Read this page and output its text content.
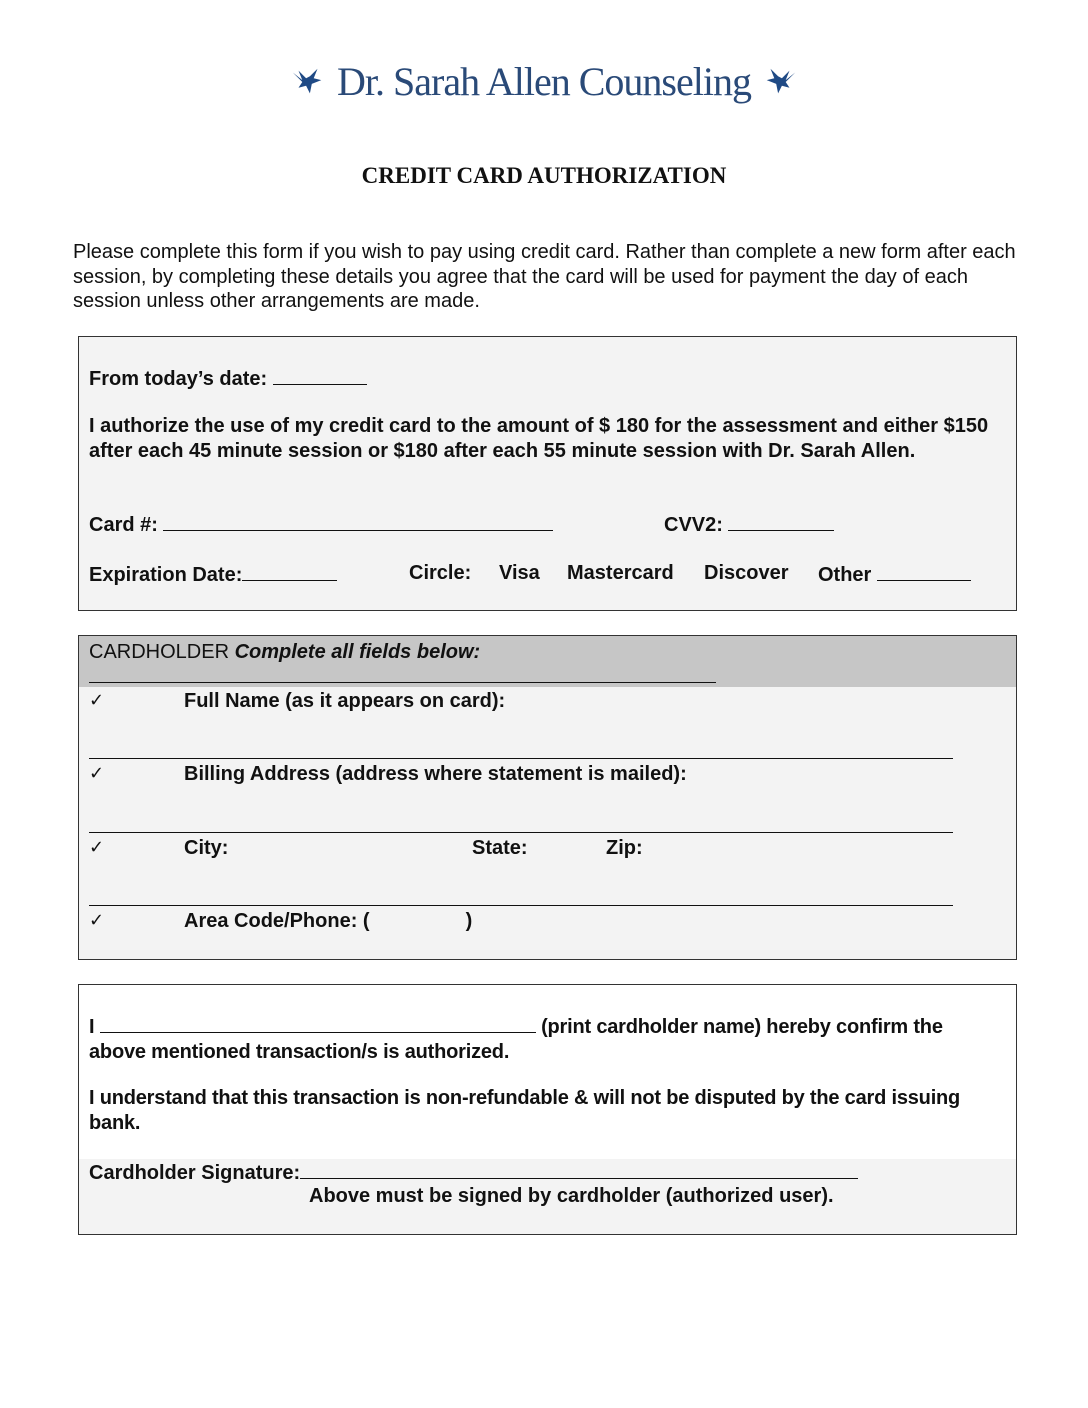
Dr. Sarah Allen Counseling
CREDIT CARD AUTHORIZATION

Please complete this form if you wish to pay using credit card. Rather than complete a new form after each session, by completing these details you agree that the card will be used for payment the day of each session unless other arrangements are made.

From today’s date:
I authorize the use of my credit card to the amount of $ 180 for the assessment and either $150 after each 45 minute session or $180 after each 55 minute session with Dr. Sarah Allen.
Card #:	CVV2:
Expiration Date:	Circle: Visa Mastercard Discover Other
CARDHOLDER Complete all fields below:
✓	Full Name (as it appears on card):
✓	Billing Address (address where statement is mailed):
✓	City:	State:	Zip:
✓	Area Code/Phone: (	)
I	(print cardholder name) hereby confirm the above mentioned transaction/s is authorized.
I understand that this transaction is non-refundable & will not be disputed by the card issuing bank.
Cardholder Signature:
Above must be signed by cardholder (authorized user).
